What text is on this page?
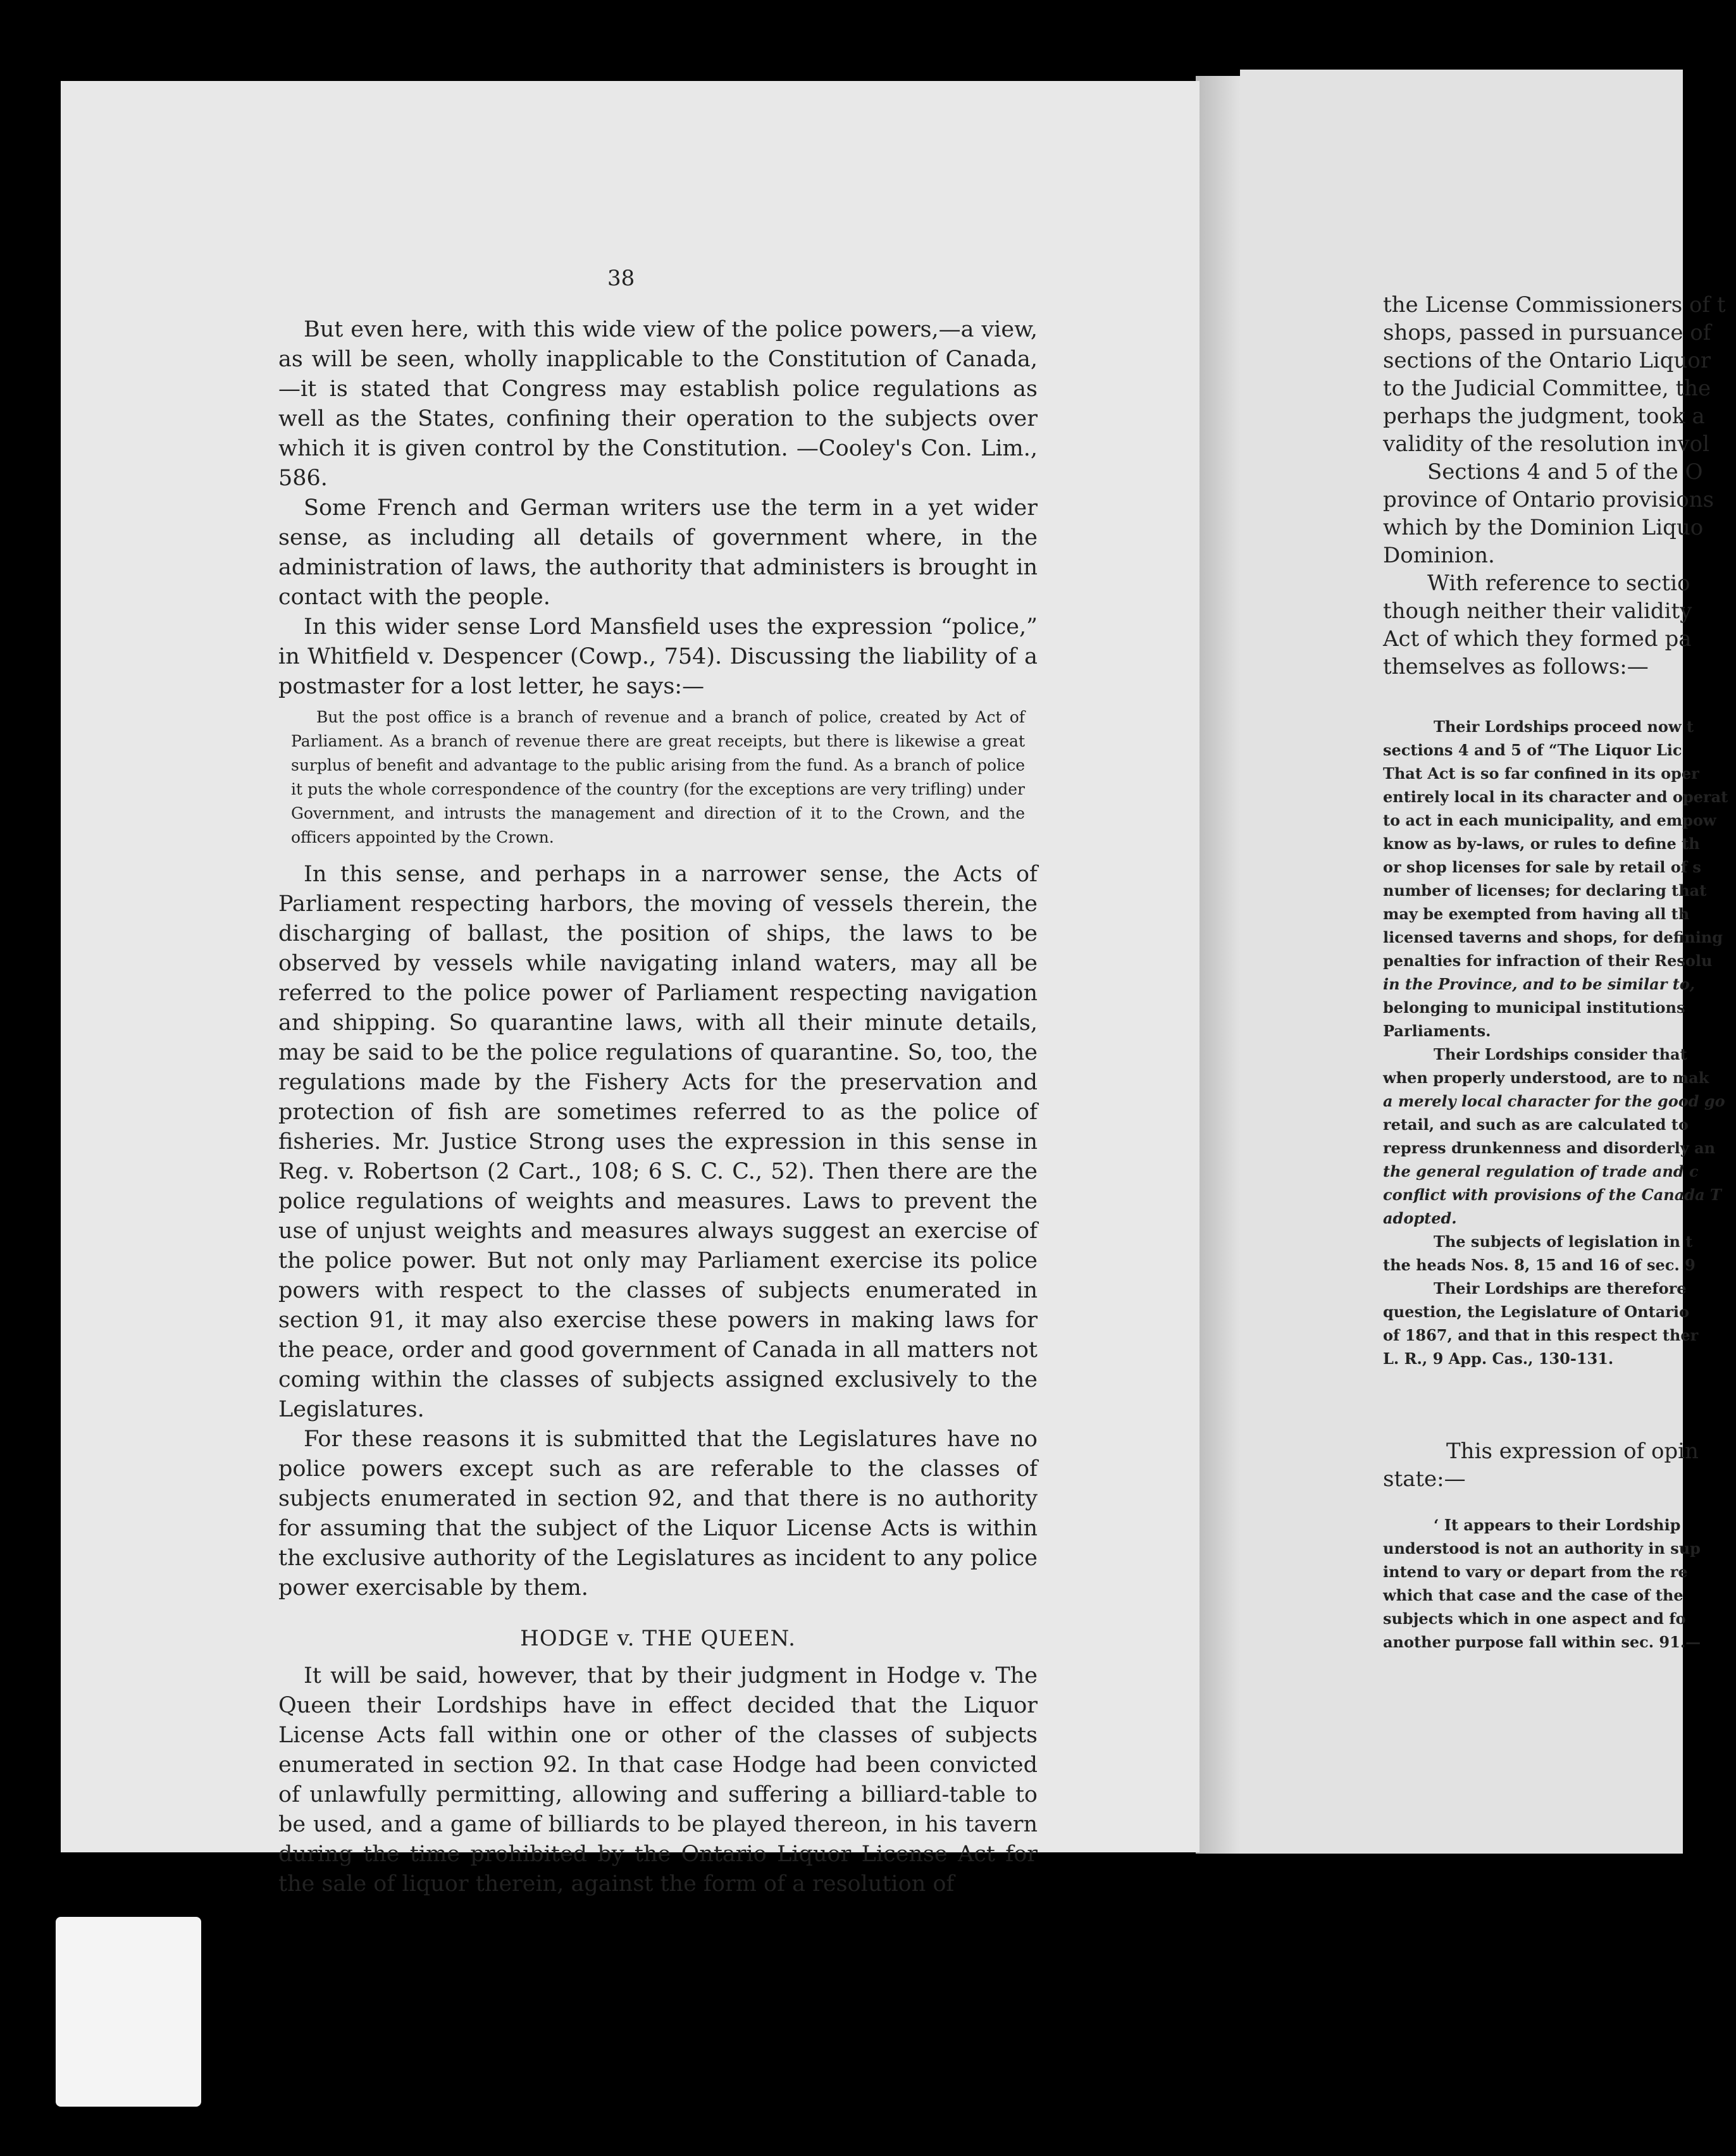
38

But even here, with this wide view of the police powers,—a view, as will be seen, wholly inapplicable to the Constitution of Canada,—it is stated that Congress may establish police regulations as well as the States, confining their operation to the subjects over which it is given control by the Constitution. —Cooley's Con. Lim., 586.

Some French and German writers use the term in a yet wider sense, as including all details of government where, in the administration of laws, the authority that administers is brought in contact with the people.

In this wider sense Lord Mansfield uses the expression “police,” in Whitfield v. Despencer (Cowp., 754). Discussing the liability of a postmaster for a lost letter, he says:—

But the post office is a branch of revenue and a branch of police, created by Act of Parliament. As a branch of revenue there are great receipts, but there is likewise a great surplus of benefit and advantage to the public arising from the fund. As a branch of police it puts the whole correspondence of the country (for the exceptions are very trifling) under Government, and intrusts the management and direction of it to the Crown, and the officers appointed by the Crown.

In this sense, and perhaps in a narrower sense, the Acts of Parliament respecting harbors, the moving of vessels therein, the discharging of ballast, the position of ships, the laws to be observed by vessels while navigating inland waters, may all be referred to the police power of Parliament respecting navigation and shipping. So quarantine laws, with all their minute details, may be said to be the police regulations of quarantine. So, too, the regulations made by the Fishery Acts for the preservation and protection of fish are sometimes referred to as the police of fisheries. Mr. Justice Strong uses the expression in this sense in Reg. v. Robertson (2 Cart., 108; 6 S. C. C., 52). Then there are the police regulations of weights and measures. Laws to prevent the use of unjust weights and measures always suggest an exercise of the police power. But not only may Parliament exercise its police powers with respect to the classes of subjects enumerated in section 91, it may also exercise these powers in making laws for the peace, order and good government of Canada in all matters not coming within the classes of subjects assigned exclusively to the Legislatures.

For these reasons it is submitted that the Legislatures have no police powers except such as are referable to the classes of subjects enumerated in section 92, and that there is no authority for assuming that the subject of the Liquor License Acts is within the exclusive authority of the Legislatures as incident to any police power exercisable by them.

HODGE v. THE QUEEN.

It will be said, however, that by their judgment in Hodge v. The Queen their Lordships have in effect decided that the Liquor License Acts fall within one or other of the classes of subjects enumerated in section 92. In that case Hodge had been convicted of unlawfully permitting, allowing and suffering a billiard-table to be used, and a game of billiards to be played thereon, in his tavern during the time prohibited by the Ontario Liquor License Act for the sale of liquor therein, against the form of a resolution of

the License Commissioners of t
shops, passed in pursuance of
sections of the Ontario Liquor
to the Judicial Committee, the
perhaps the judgment, took a
validity of the resolution invol
Sections 4 and 5 of the O
province of Ontario provisions
which by the Dominion Liquo
Dominion.
With reference to sectio
though neither their validity
Act of which they formed pa
themselves as follows:—
Their Lordships proceed now t
sections 4 and 5 of “The Liquor Lic
That Act is so far confined in its oper
entirely local in its character and operat
to act in each municipality, and empow
know as by-laws, or rules to define th
or shop licenses for sale by retail of s
number of licenses; for declaring that
may be exempted from having all th
licensed taverns and shops, for defining
penalties for infraction of their Resolu
in the Province, and to be similar to,
belonging to municipal institutions
Parliaments.
Their Lordships consider that
when properly understood, are to mak
a merely local character for the good go
retail, and such as are calculated to
repress drunkenness and disorderly an
the general regulation of trade and c
conflict with provisions of the Canada T
adopted.
The subjects of legislation in t
the heads Nos. 8, 15 and 16 of sec. 9
Their Lordships are therefore
question, the Legislature of Ontario
of 1867, and that in this respect ther
L. R., 9 App. Cas., 130-131.
This expression of opin
state:—
‘ It appears to their Lordship
understood is not an authority in sup
intend to vary or depart from the re
which that case and the case of the
subjects which in one aspect and fo
another purpose fall within sec. 91.—
